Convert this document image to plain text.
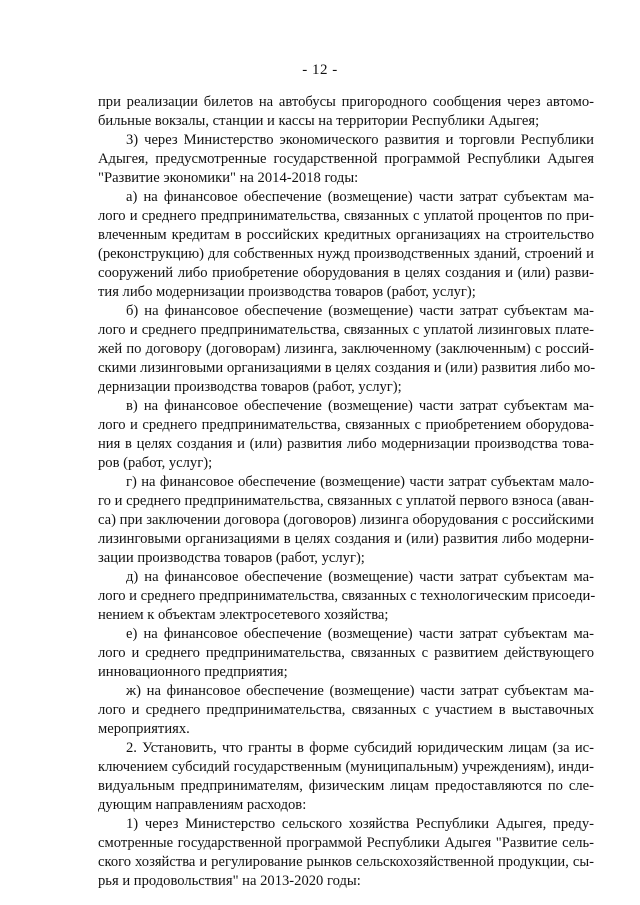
- 12 -

при реализации билетов на автобусы пригородного сообщения через автомо-
бильные вокзалы, станции и кассы на территории Республики Адыгея;

3) через Министерство экономического развития и торговли Республики
Адыгея, предусмотренные государственной программой Республики Адыгея
"Развитие экономики" на 2014-2018 годы:

а) на финансовое обеспечение (возмещение) части затрат субъектам ма-
лого и среднего предпринимательства, связанных с уплатой процентов по при-
влеченным кредитам в российских кредитных организациях на строительство
(реконструкцию) для собственных нужд производственных зданий, строений и
сооружений либо приобретение оборудования в целях создания и (или) разви-
тия либо модернизации производства товаров (работ, услуг);

б) на финансовое обеспечение (возмещение) части затрат субъектам ма-
лого и среднего предпринимательства, связанных с уплатой лизинговых плате-
жей по договору (договорам) лизинга, заключенному (заключенным) с россий-
скими лизинговыми организациями в целях создания и (или) развития либо мо-
дернизации производства товаров (работ, услуг);

в) на финансовое обеспечение (возмещение) части затрат субъектам ма-
лого и среднего предпринимательства, связанных с приобретением оборудова-
ния в целях создания и (или) развития либо модернизации производства това-
ров (работ, услуг);

г) на финансовое обеспечение (возмещение) части затрат субъектам мало-
го и среднего предпринимательства, связанных с уплатой первого взноса (аван-
са) при заключении договора (договоров) лизинга оборудования с российскими
лизинговыми организациями в целях создания и (или) развития либо модерни-
зации производства товаров (работ, услуг);

д) на финансовое обеспечение (возмещение) части затрат субъектам ма-
лого и среднего предпринимательства, связанных с технологическим присоеди-
нением к объектам электросетевого хозяйства;

е) на финансовое обеспечение (возмещение) части затрат субъектам ма-
лого и среднего предпринимательства, связанных с развитием действующего
инновационного предприятия;

ж) на финансовое обеспечение (возмещение) части затрат субъектам ма-
лого и среднего предпринимательства, связанных с участием в выставочных
мероприятиях.

2. Установить, что гранты в форме субсидий юридическим лицам (за ис-
ключением субсидий государственным (муниципальным) учреждениям), инди-
видуальным предпринимателям, физическим лицам предоставляются по сле-
дующим направлениям расходов:

1) через Министерство сельского хозяйства Республики Адыгея, преду-
смотренные государственной программой Республики Адыгея "Развитие сель-
ского хозяйства и регулирование рынков сельскохозяйственной продукции, сы-
рья и продовольствия" на 2013-2020 годы:
